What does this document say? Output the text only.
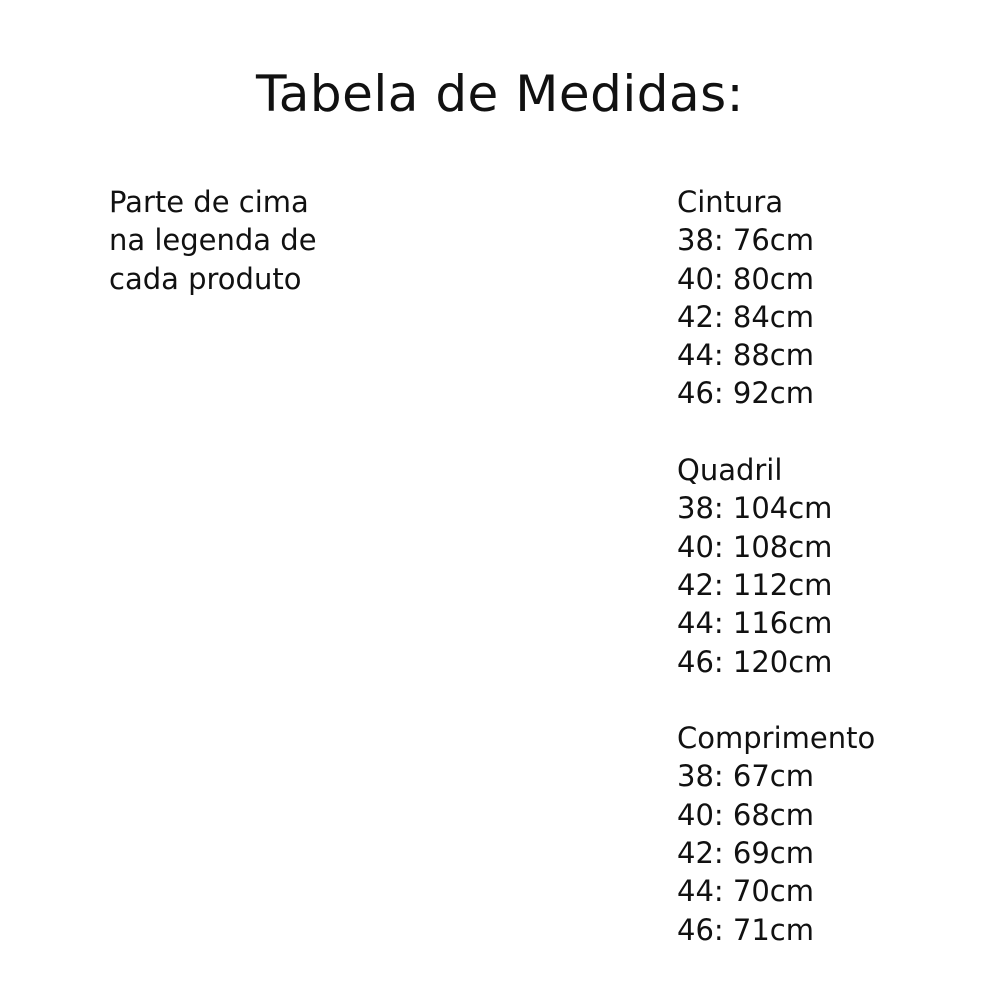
Tabela de Medidas:
Parte de cima
na legenda de
cada produto
Cintura
38: 76cm
40: 80cm
42: 84cm
44: 88cm
46: 92cm
Quadril
38: 104cm
40: 108cm
42: 112cm
44: 116cm
46: 120cm
Comprimento
38: 67cm
40: 68cm
42: 69cm
44: 70cm
46: 71cm
